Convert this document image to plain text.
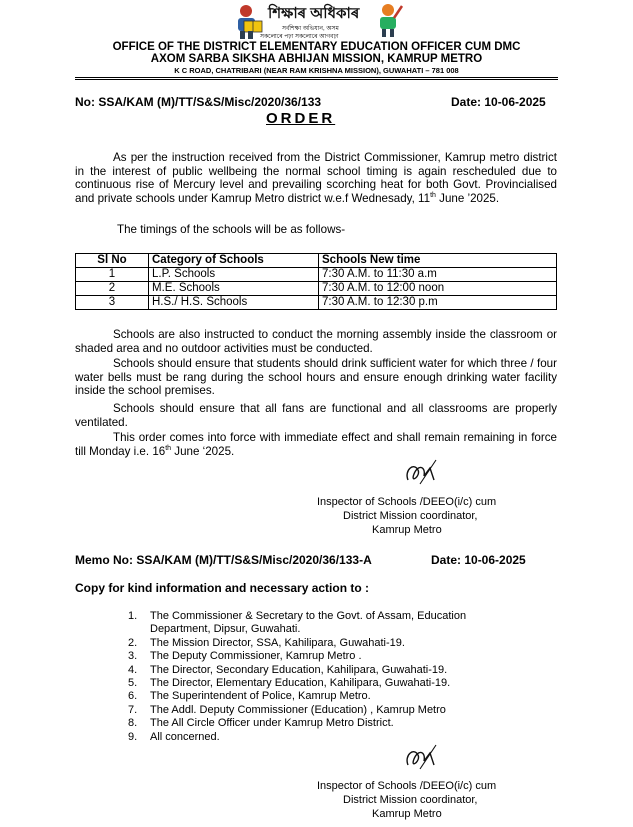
শিক্ষাৰ অধিকাৰ
সৰ্বশিক্ষা অভিযান, অসম
সকলোৰে পঢ়া সকলোৰে আগবঢ়া
OFFICE OF THE DISTRICT ELEMENTARY EDUCATION OFFICER CUM DMC
AXOM SARBA SIKSHA ABHIJAN MISSION, KAMRUP METRO
K C ROAD, CHATRIBARI (NEAR RAM KRISHNA MISSION), GUWAHATI – 781 008
No: SSA/KAM (M)/TT/S&S/Misc/2020/36/133	Date: 10-06-2025
ORDER
As per the instruction received from the District Commissioner, Kamrup metro district in the interest of public wellbeing the normal school timing is again rescheduled due to continuous rise of Mercury level and prevailing scorching heat for both Govt. Provincialised and private schools under Kamrup Metro district w.e.f Wednesady, 11th June ’2025.
The timings of the schools will be as follows-
Sl No	Category of Schools	Schools New time
1	L.P. Schools	7:30 A.M. to 11:30 a.m
2	M.E. Schools	7:30 A.M. to 12:00 noon
3	H.S./ H.S. Schools	7:30 A.M. to 12:30 p.m
Schools are also instructed to conduct the morning assembly inside the classroom or shaded area and no outdoor activities must be conducted.
Schools should ensure that students should drink sufficient water for which three / four water bells must be rang during the school hours and ensure enough drinking water facility inside the school premises.
Schools should ensure that all fans are functional and all classrooms are properly ventilated.
This order comes into force with immediate effect and shall remain remaining in force till Monday i.e. 16th June ‘2025.
Inspector of Schools /DEEO(i/c) cum
District Mission coordinator,
Kamrup Metro
Memo No: SSA/KAM (M)/TT/S&S/Misc/2020/36/133-A	Date: 10-06-2025
Copy for kind information and necessary action to :
1. The Commissioner & Secretary to the Govt. of Assam, Education Department, Dipsur, Guwahati.
2. The Mission Director, SSA, Kahilipara, Guwahati-19.
3. The Deputy Commissioner, Kamrup Metro .
4. The Director, Secondary Education, Kahilipara, Guwahati-19.
5. The Director, Elementary Education, Kahilipara, Guwahati-19.
6. The Superintendent of Police, Kamrup Metro.
7. The Addl. Deputy Commissioner (Education) , Kamrup Metro
8. The All Circle Officer under Kamrup Metro District.
9. All concerned.
Inspector of Schools /DEEO(i/c) cum
District Mission coordinator,
Kamrup Metro
